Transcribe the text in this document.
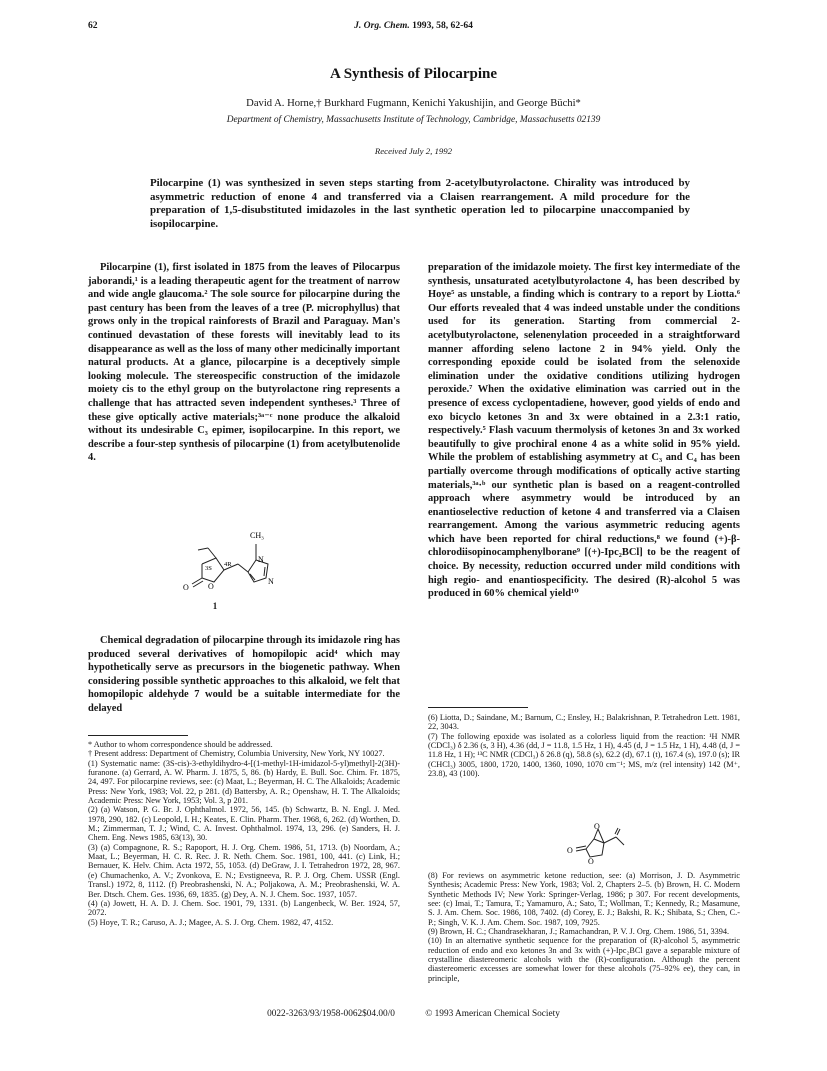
62	J. Org. Chem. 1993, 58, 62-64
A Synthesis of Pilocarpine
David A. Horne,† Burkhard Fugmann, Kenichi Yakushijin, and George Büchi*
Department of Chemistry, Massachusetts Institute of Technology, Cambridge, Massachusetts 02139
Received July 2, 1992
Pilocarpine (1) was synthesized in seven steps starting from 2-acetylbutyrolactone. Chirality was introduced by asymmetric reduction of enone 4 and transferred via a Claisen rearrangement. A mild procedure for the preparation of 1,5-disubstituted imidazoles in the last synthetic operation led to pilocarpine unaccompanied by isopilocarpine.

Pilocarpine (1), first isolated in 1875 from the leaves of Pilocarpus jaborandi,¹ is a leading therapeutic agent for the treatment of narrow and wide angle glaucoma.² The sole source for pilocarpine during the past century has been from the leaves of a tree (P. microphyllus) that grows only in the tropical rainforests of Brazil and Paraguay. Man's continued devastation of these forests will inevitably lead to its disappearance as well as the loss of many other medicinally important natural products. At a glance, pilocarpine is a deceptively simple looking molecule. The stereospecific construction of the imidazole moiety cis to the ethyl group on the butyrolactone ring represents a challenge that has attracted seven independent syntheses.³ Three of these give optically active materials;³ᵃ⁻ᶜ none produce the alkaloid without its undesirable C₃ epimer, isopilocarpine. In this report, we describe a four-step synthesis of pilocarpine (1) from acetylbutenolide 4.

CH₃
N
N
O O
3S
4R
1

Chemical degradation of pilocarpine through its imidazole ring has produced several derivatives of homopilopic acid⁴ which may hypothetically serve as precursors in the biogenetic pathway. When considering possible synthetic approaches to this alkaloid, we felt that homopilopic aldehyde 7 would be a suitable intermediate for the delayed

preparation of the imidazole moiety. The first key intermediate of the synthesis, unsaturated acetylbutyrolactone 4, has been described by Hoye⁵ as unstable, a finding which is contrary to a report by Liotta.⁶ Our efforts revealed that 4 was indeed unstable under the conditions used for its generation. Starting from commercial 2-acetylbutyrolactone, selenenylation proceeded in a straightforward manner affording seleno lactone 2 in 94% yield. Only the corresponding epoxide could be isolated from the selenoxide elimination under the oxidative conditions utilizing hydrogen peroxide.⁷ When the oxidative elimination was carried out in the presence of excess cyclopentadiene, however, good yields of endo and exo bicyclo ketones 3n and 3x were obtained in a 2.3:1 ratio, respectively.⁵ Flash vacuum thermolysis of ketones 3n and 3x worked beautifully to give prochiral enone 4 as a white solid in 95% yield. While the problem of establishing asymmetry at C₃ and C₄ has been partially overcome through modifications of optically active starting materials,³ᵃ·ᵇ our synthetic plan is based on a reagent-controlled approach where asymmetry would be introduced by an enantioselective reduction of ketone 4 and transferred via a Claisen rearrangement. Among the various asymmetric reducing agents which have been reported for chiral reductions,⁸ we found (+)-β-chlorodiisopinocamphenylborane⁹ [(+)-Ipc₂BCl] to be the reagent of choice. By necessity, reduction occurred under mild conditions with high regio- and enantiospecificity. The desired (R)-alcohol 5 was produced in 60% chemical yield¹⁰

* Author to whom correspondence should be addressed.

† Present address: Department of Chemistry, Columbia University, New York, NY 10027.

(1) Systematic name: (3S-cis)-3-ethyldihydro-4-[(1-methyl-1H-imidazol-5-yl)methyl]-2(3H)-furanone. (a) Gerrard, A. W. Pharm. J. 1875, 5, 86. (b) Hardy, E. Bull. Soc. Chim. Fr. 1875, 24, 497. For pilocarpine reviews, see: (c) Maat, L.; Beyerman, H. C. The Alkaloids; Academic Press: New York, 1983; Vol. 22, p 281. (d) Battersby, A. R.; Openshaw, H. T. The Alkaloids; Academic Press: New York, 1953; Vol. 3, p 201.

(2) (a) Watson, P. G. Br. J. Ophthalmol. 1972, 56, 145. (b) Schwartz, B. N. Engl. J. Med. 1978, 290, 182. (c) Leopold, I. H.; Keates, E. Clin. Pharm. Ther. 1968, 6, 262. (d) Worthen, D. M.; Zimmerman, T. J.; Wind, C. A. Invest. Ophthalmol. 1974, 13, 296. (e) Sanders, H. J. Chem. Eng. News 1985, 63(13), 30.

(3) (a) Compagnone, R. S.; Rapoport, H. J. Org. Chem. 1986, 51, 1713. (b) Noordam, A.; Maat, L.; Beyerman, H. C. R. Rec. J. R. Neth. Chem. Soc. 1981, 100, 441. (c) Link, H.; Bernauer, K. Helv. Chim. Acta 1972, 55, 1053. (d) DeGraw, J. I. Tetrahedron 1972, 28, 967. (e) Chumachenko, A. V.; Zvonkova, E. N.; Evstigneeva, R. P. J. Org. Chem. USSR (Engl. Transl.) 1972, 8, 1112. (f) Preobrashenski, N. A.; Poljakowa, A. M.; Preobrashenski, W. A. Ber. Dtsch. Chem. Ges. 1936, 69, 1835. (g) Dey, A. N. J. Chem. Soc. 1937, 1057.

(4) (a) Jowett, H. A. D. J. Chem. Soc. 1901, 79, 1331. (b) Langenbeck, W. Ber. 1924, 57, 2072.

(5) Hoye, T. R.; Caruso, A. J.; Magee, A. S. J. Org. Chem. 1982, 47, 4152.

(6) Liotta, D.; Saindane, M.; Barnum, C.; Ensley, H.; Balakrishnan, P. Tetrahedron Lett. 1981, 22, 3043.

(7) The following epoxide was isolated as a colorless liquid from the reaction: ¹H NMR (CDCl₃) δ 2.36 (s, 3 H), 4.36 (dd, J = 11.8, 1.5 Hz, 1 H), 4.45 (d, J = 1.5 Hz, 1 H), 4.48 (d, J = 11.8 Hz, 1 H); ¹³C NMR (CDCl₃) δ 26.8 (q), 58.8 (s), 62.2 (d), 67.1 (t), 167.4 (s), 197.0 (s); IR (CHCl₃) 3005, 1800, 1720, 1400, 1360, 1090, 1070 cm⁻¹; MS, m/z (rel intensity) 142 (M⁺, 23.8), 43 (100).

O
O
O

(8) For reviews on asymmetric ketone reduction, see: (a) Morrison, J. D. Asymmetric Synthesis; Academic Press: New York, 1983; Vol. 2, Chapters 2–5. (b) Brown, H. C. Modern Synthetic Methods IV; New York: Springer-Verlag, 1986; p 307. For recent developments, see: (c) Imai, T.; Tamura, T.; Yamamuro, A.; Sato, T.; Wollman, T.; Kennedy, R.; Masamune, S. J. Am. Chem. Soc. 1986, 108, 7402. (d) Corey, E. J.; Bakshi, R. K.; Shibata, S.; Chen, C.-P.; Singh, V. K. J. Am. Chem. Soc. 1987, 109, 7925.

(9) Brown, H. C.; Chandrasekharan, J.; Ramachandran, P. V. J. Org. Chem. 1986, 51, 3394.

(10) In an alternative synthetic sequence for the preparation of (R)-alcohol 5, asymmetric reduction of endo and exo ketones 3n and 3x with (+)-Ipc₂BCl gave a separable mixture of crystalline diastereomeric alcohols with the (R)-configuration. Although the percent diastereomeric excesses are somewhat lower for these alcohols (75–92% ee), they can, in principle,

0022-3263/93/1958-0062$04.00/0	© 1993 American Chemical Society
